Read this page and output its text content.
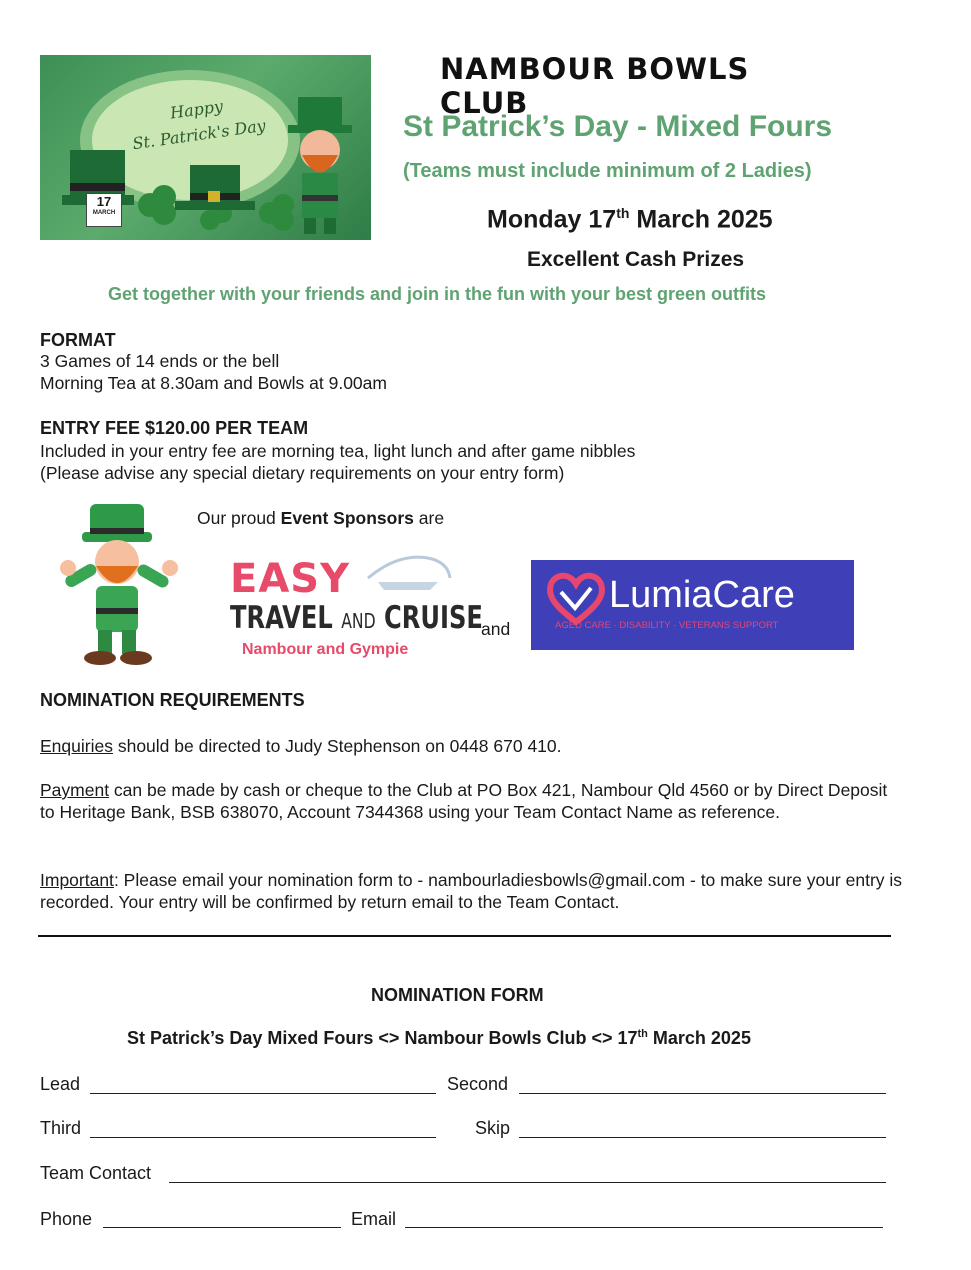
Happy
St. Patrick's Day
17
MARCH
NAMBOUR BOWLS CLUB
St Patrick’s Day - Mixed Fours
(Teams must include minimum of 2 Ladies)
Monday 17th March 2025
Excellent Cash Prizes
Get together with your friends and join in the fun with your best green outfits
FORMAT
3 Games of 14 ends or the bell
Morning Tea at 8.30am and Bowls at 9.00am
ENTRY FEE $120.00 PER TEAM
Included in your entry fee are morning tea, light lunch and after game nibbles
(Please advise any special dietary requirements on your entry form)
Our proud Event Sponsors are
EASY
TRAVEL AND CRUISE
Nambour and Gympie
and
LumiaCare
AGED CARE · DISABILITY · VETERANS SUPPORT
NOMINATION REQUIREMENTS
Enquiries should be directed to Judy Stephenson on 0448 670 410.
Payment can be made by cash or cheque to the Club at PO Box 421, Nambour Qld 4560 or by Direct Deposit to Heritage Bank, BSB 638070, Account 7344368 using your Team Contact Name as reference.
Important: Please email your nomination form to - nambourladiesbowls@gmail.com - to make sure your entry is recorded. Your entry will be confirmed by return email to the Team Contact.
NOMINATION FORM
St Patrick’s Day Mixed Fours <> Nambour Bowls Club <> 17th March 2025
Lead	Second
Third	Skip
Team Contact
Phone	Email
